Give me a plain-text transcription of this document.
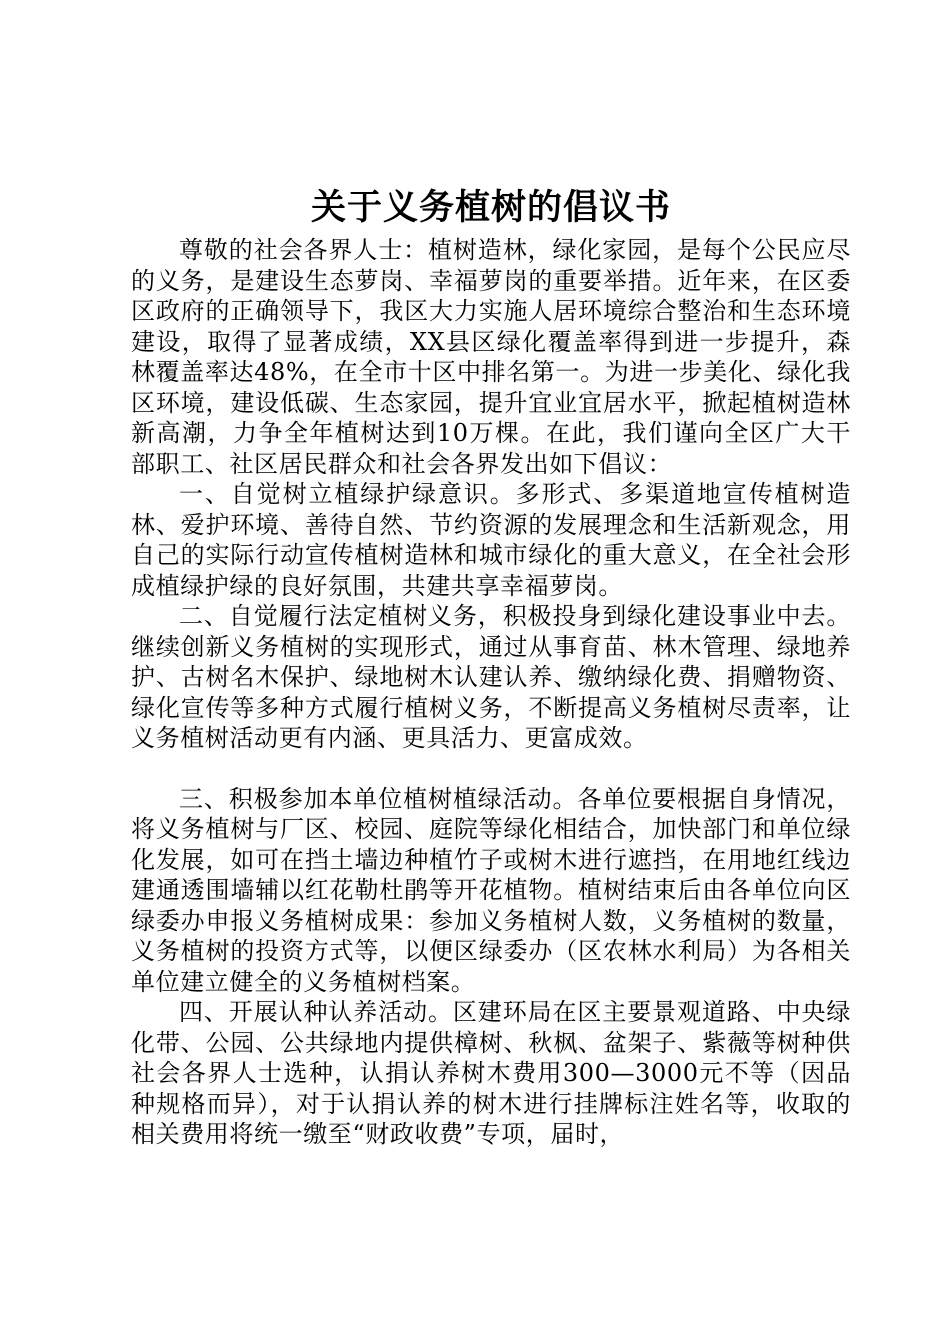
关于义务植树的倡议书

尊敬的社会各界人士：植树造林，绿化家园，是每个公民应尽的义务，是建设生态萝岗、幸福萝岗的重要举措。近年来，在区委区政府的正确领导下，我区大力实施人居环境综合整治和生态环境建设，取得了显著成绩，XX县区绿化覆盖率得到进一步提升，森林覆盖率达48%，在全市十区中排名第一。为进一步美化、绿化我区环境，建设低碳、生态家园，提升宜业宜居水平，掀起植树造林新高潮，力争全年植树达到10万棵。在此，我们谨向全区广大干部职工、社区居民群众和社会各界发出如下倡议：

一、自觉树立植绿护绿意识。多形式、多渠道地宣传植树造林、爱护环境、善待自然、节约资源的发展理念和生活新观念，用自己的实际行动宣传植树造林和城市绿化的重大意义，在全社会形成植绿护绿的良好氛围，共建共享幸福萝岗。

二、自觉履行法定植树义务，积极投身到绿化建设事业中去。继续创新义务植树的实现形式，通过从事育苗、林木管理、绿地养护、古树名木保护、绿地树木认建认养、缴纳绿化费、捐赠物资、绿化宣传等多种方式履行植树义务，不断提高义务植树尽责率，让义务植树活动更有内涵、更具活力、更富成效。

三、积极参加本单位植树植绿活动。各单位要根据自身情况，将义务植树与厂区、校园、庭院等绿化相结合，加快部门和单位绿化发展，如可在挡土墙边种植竹子或树木进行遮挡，在用地红线边建通透围墙辅以红花勒杜鹃等开花植物。植树结束后由各单位向区绿委办申报义务植树成果：参加义务植树人数，义务植树的数量，义务植树的投资方式等，以便区绿委办（区农林水利局）为各相关单位建立健全的义务植树档案。

四、开展认种认养活动。区建环局在区主要景观道路、中央绿化带、公园、公共绿地内提供樟树、秋枫、盆架子、紫薇等树种供社会各界人士选种，认捐认养树木费用300—3000元不等（因品种规格而异），对于认捐认养的树木进行挂牌标注姓名等，收取的相关费用将统一缴至“财政收费”专项，届时，
